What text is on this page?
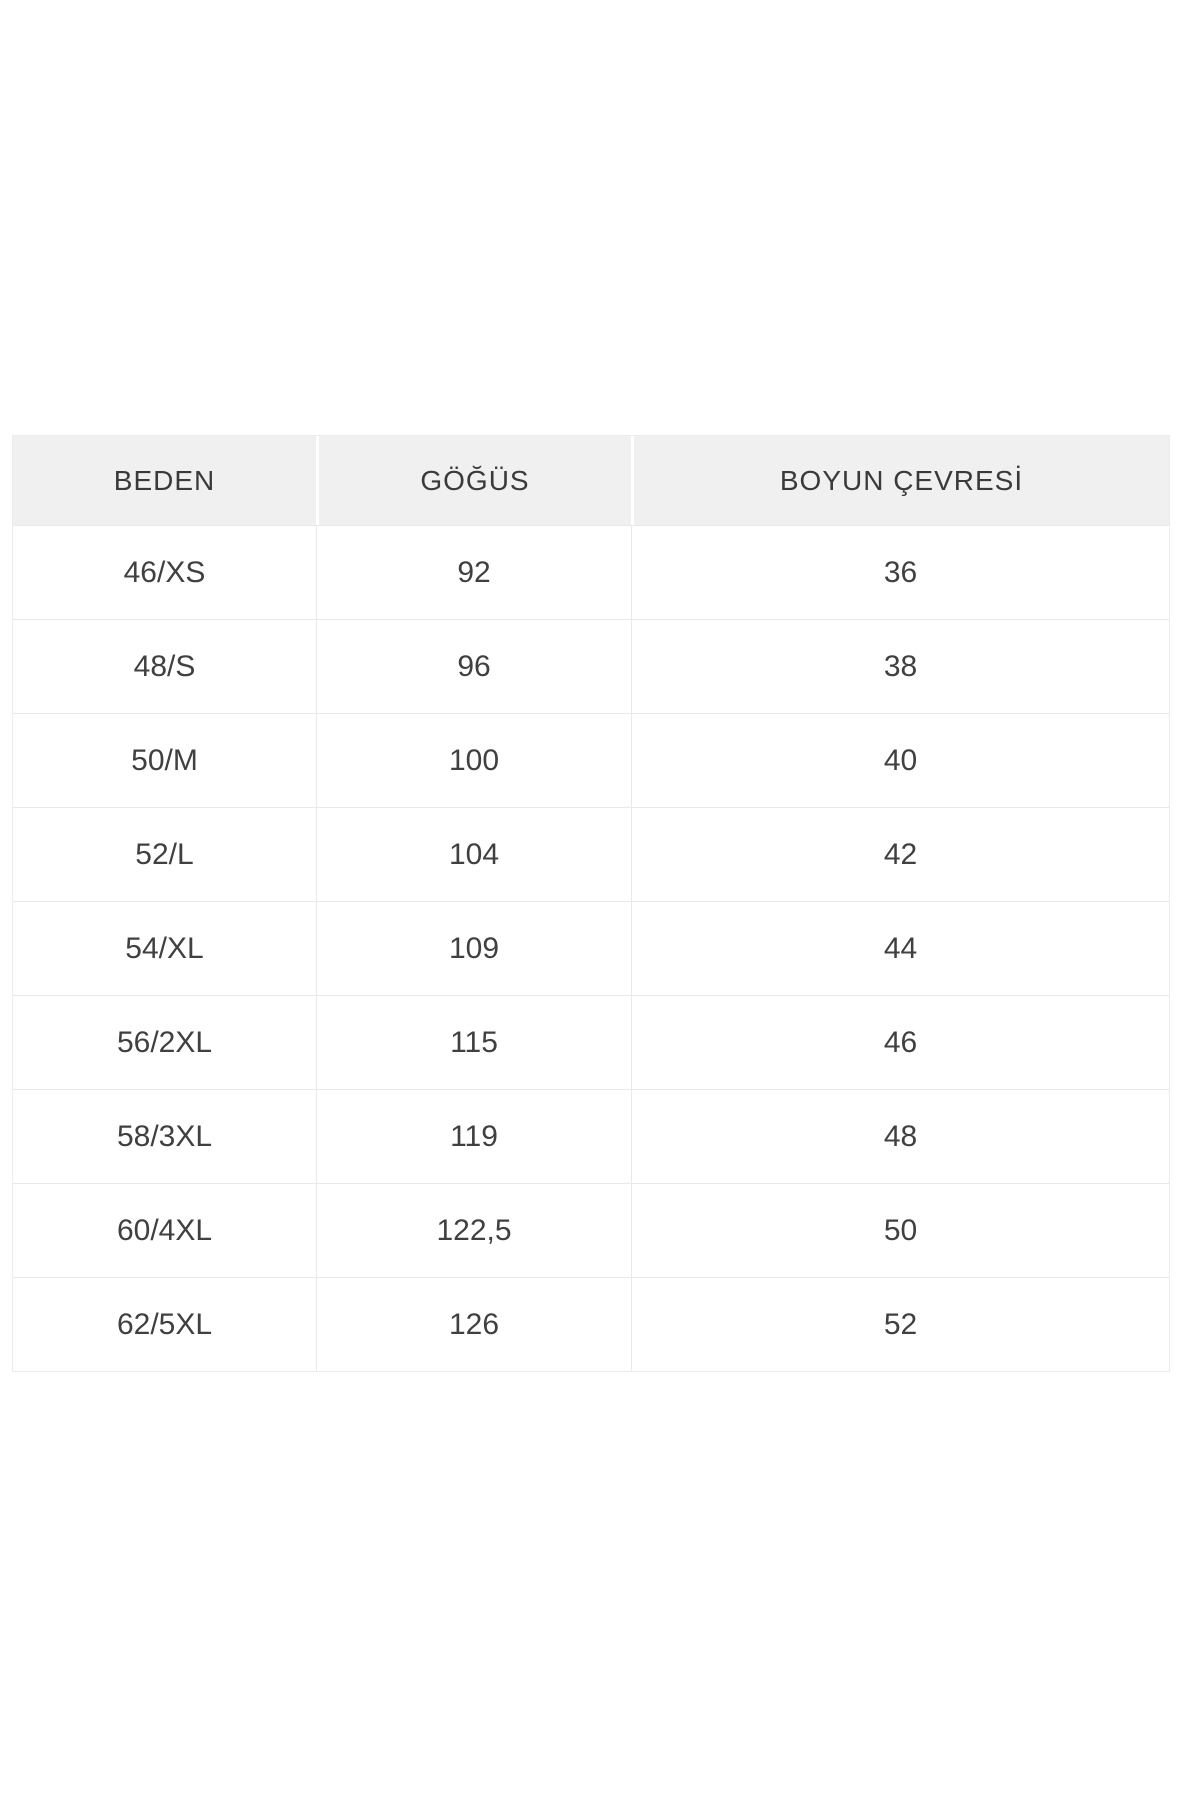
BEDEN	GÖĞÜS	BOYUN ÇEVRESİ
46/XS	92	36
48/S	96	38
50/M	100	40
52/L	104	42
54/XL	109	44
56/2XL	115	46
58/3XL	119	48
60/4XL	122,5	50
62/5XL	126	52
